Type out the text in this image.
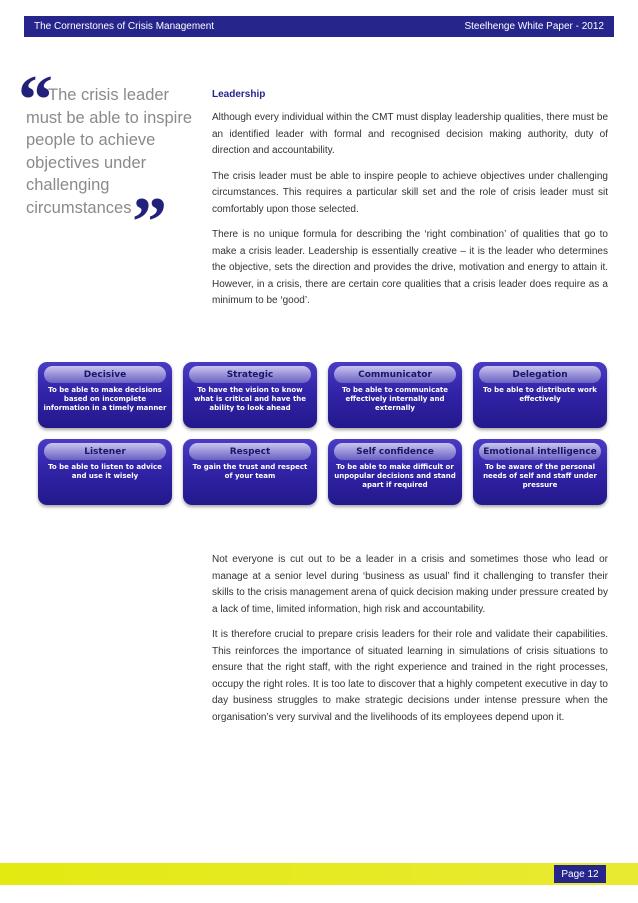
The Cornerstones of Crisis Management	Steelhenge White Paper - 2012
“
The crisis leader
must be able to inspire
people to achieve
objectives under
challenging
circumstances ”
Leadership

Although every individual within the CMT must display leadership qualities, there must be an identified leader with formal and recognised decision making authority, duty of direction and accountability.

The crisis leader must be able to inspire people to achieve objectives under challenging circumstances. This requires a particular skill set and the role of crisis leader must sit comfortably upon those selected.

There is no unique formula for describing the ‘right combination’ of qualities that go to make a crisis leader. Leadership is essentially creative – it is the leader who determines the objective, sets the direction and provides the drive, motivation and energy to attain it. However, in a crisis, there are certain core qualities that a crisis leader does require as a minimum to be ‘good’.

Decisive
To be able to make decisions based on incomplete information in a timely manner
Strategic
To have the vision to know what is critical and have the ability to look ahead
Communicator
To be able to communicate effectively internally and externally
Delegation
To be able to distribute work effectively
Listener
To be able to listen to advice and use it wisely
Respect
To gain the trust and respect of your team
Self confidence
To be able to make difficult or unpopular decisions and stand apart if required
Emotional intelligence
To be aware of the personal needs of self and staff under pressure

Not everyone is cut out to be a leader in a crisis and sometimes those who lead or manage at a senior level during ‘business as usual’ find it challenging to transfer their skills to the crisis management arena of quick decision making under pressure created by a lack of time, limited information, high risk and accountability.

It is therefore crucial to prepare crisis leaders for their role and validate their capabilities. This reinforces the importance of situated learning in simulations of crisis situations to ensure that the right staff, with the right experience and trained in the right processes, occupy the right roles. It is too late to discover that a highly competent executive in day to day business struggles to make strategic decisions under intense pressure when the organisation’s very survival and the livelihoods of its employees depend upon it.

Page 12
